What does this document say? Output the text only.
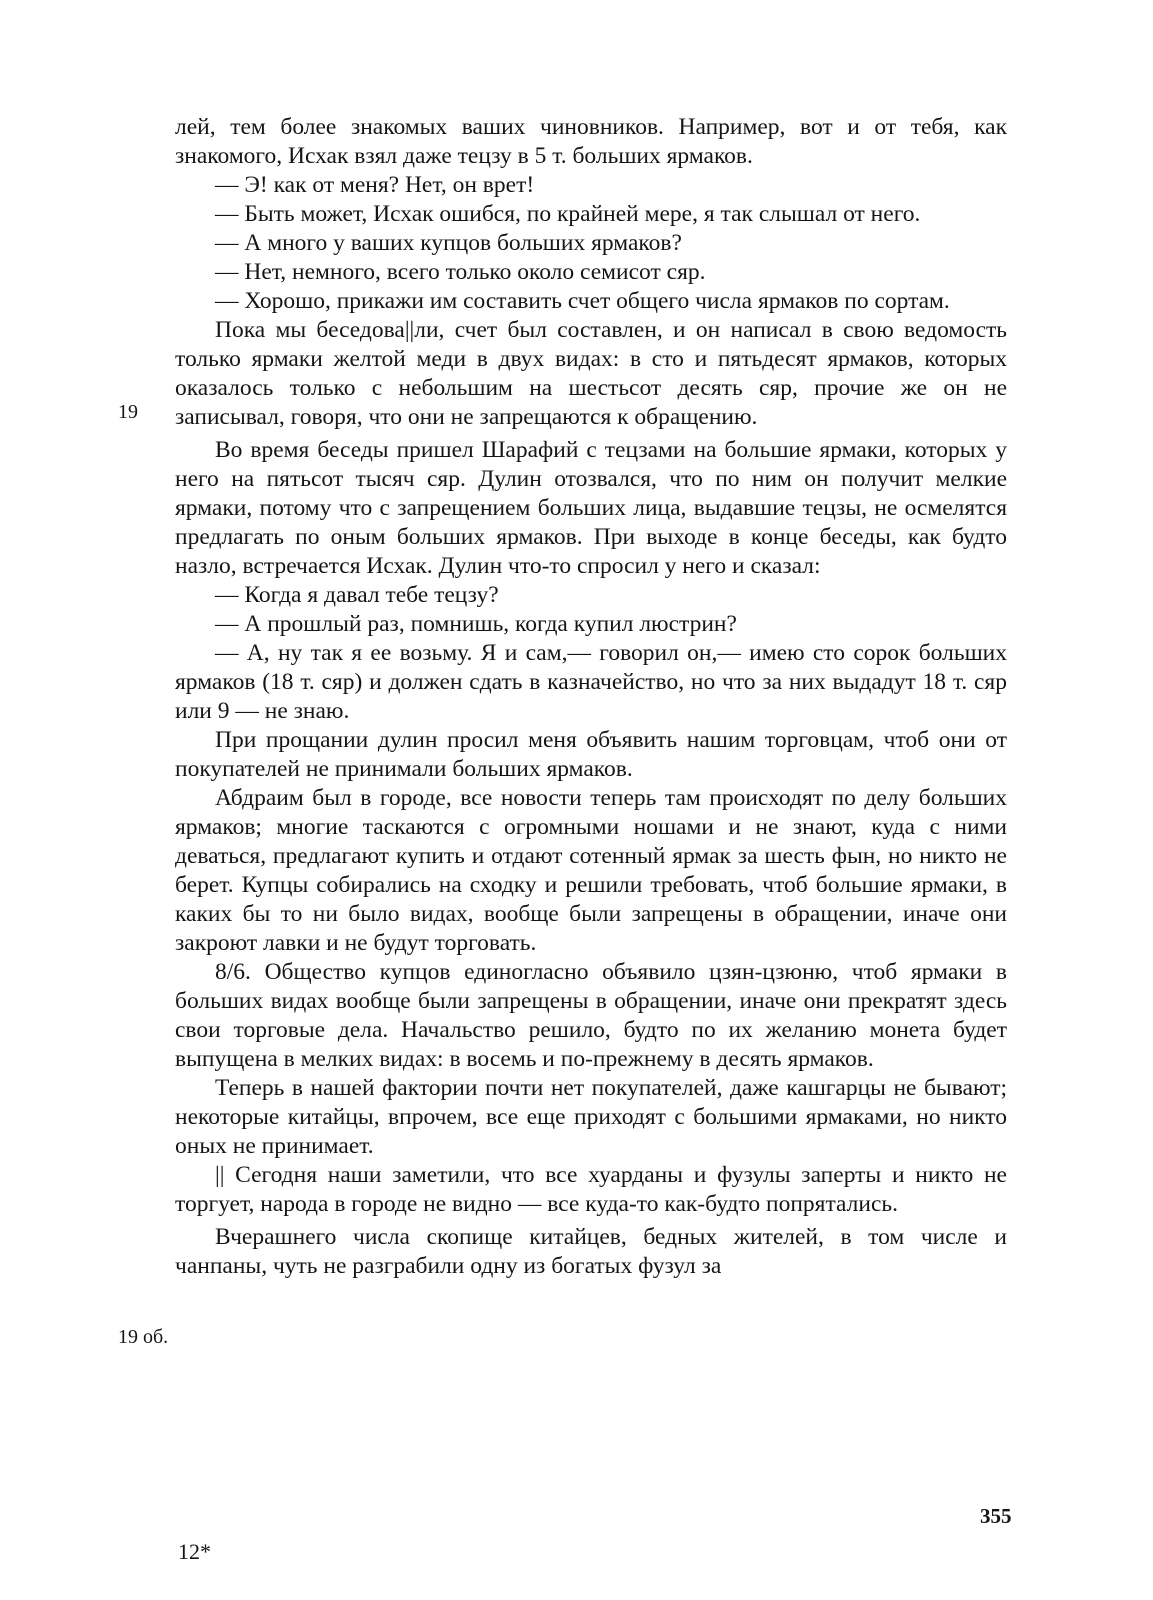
19
19 об.

лей, тем более знакомых ваших чиновников. Например, вот и от тебя, как знакомого, Исхак взял даже тецзу в 5 т. больших ярмаков.

— Э! как от меня? Нет, он врет!

— Быть может, Исхак ошибся, по крайней мере, я так слышал от него.

— А много у ваших купцов больших ярмаков?

— Нет, немного, всего только около семисот сяр.

— Хорошо, прикажи им составить счет общего числа ярмаков по сортам.

Пока мы беседова||ли, счет был составлен, и он написал в свою ведомость только ярмаки желтой меди в двух видах: в сто и пятьдесят ярмаков, которых оказалось только с небольшим на шестьсот десять сяр, прочие же он не записывал, говоря, что они не запрещаются к обращению.

Во время беседы пришел Шарафий с тецзами на большие ярмаки, которых у него на пятьсот тысяч сяр. Дулин отозвался, что по ним он получит мелкие ярмаки, потому что с запрещением больших лица, выдавшие тецзы, не осмелятся предлагать по оным больших ярмаков. При выходе в конце беседы, как будто назло, встречается Исхак. Дулин что-то спросил у него и сказал:

— Когда я давал тебе тецзу?

— А прошлый раз, помнишь, когда купил люстрин?

— А, ну так я ее возьму. Я и сам,— говорил он,— имею сто сорок больших ярмаков (18 т. сяр) и должен сдать в казначейство, но что за них выдадут 18 т. сяр или 9 — не знаю.

При прощании дулин просил меня объявить нашим торговцам, чтоб они от покупателей не принимали больших ярмаков.

Абдраим был в городе, все новости теперь там происходят по делу больших ярмаков; многие таскаются с огромными ношами и не знают, куда с ними деваться, предлагают купить и отдают сотенный ярмак за шесть фын, но никто не берет. Купцы собирались на сходку и решили требовать, чтоб большие ярмаки, в каких бы то ни было видах, вообще были запрещены в обращении, иначе они закроют лавки и не будут торговать.

8/6. Общество купцов единогласно объявило цзян-цзюню, чтоб ярмаки в больших видах вообще были запрещены в обращении, иначе они прекратят здесь свои торговые дела. Начальство решило, будто по их желанию монета будет выпущена в мелких видах: в восемь и по-прежнему в десять ярмаков.

Теперь в нашей фактории почти нет покупателей, даже кашгарцы не бывают; некоторые китайцы, впрочем, все еще приходят с большими ярмаками, но никто оных не принимает.

|| Сегодня наши заметили, что все хуарданы и фузулы заперты и никто не торгует, народа в городе не видно — все куда-то как-будто попрятались.

Вчерашнего числа скопище китайцев, бедных жителей, в том числе и чанпаны, чуть не разграбили одну из богатых фузул за

355
12*
